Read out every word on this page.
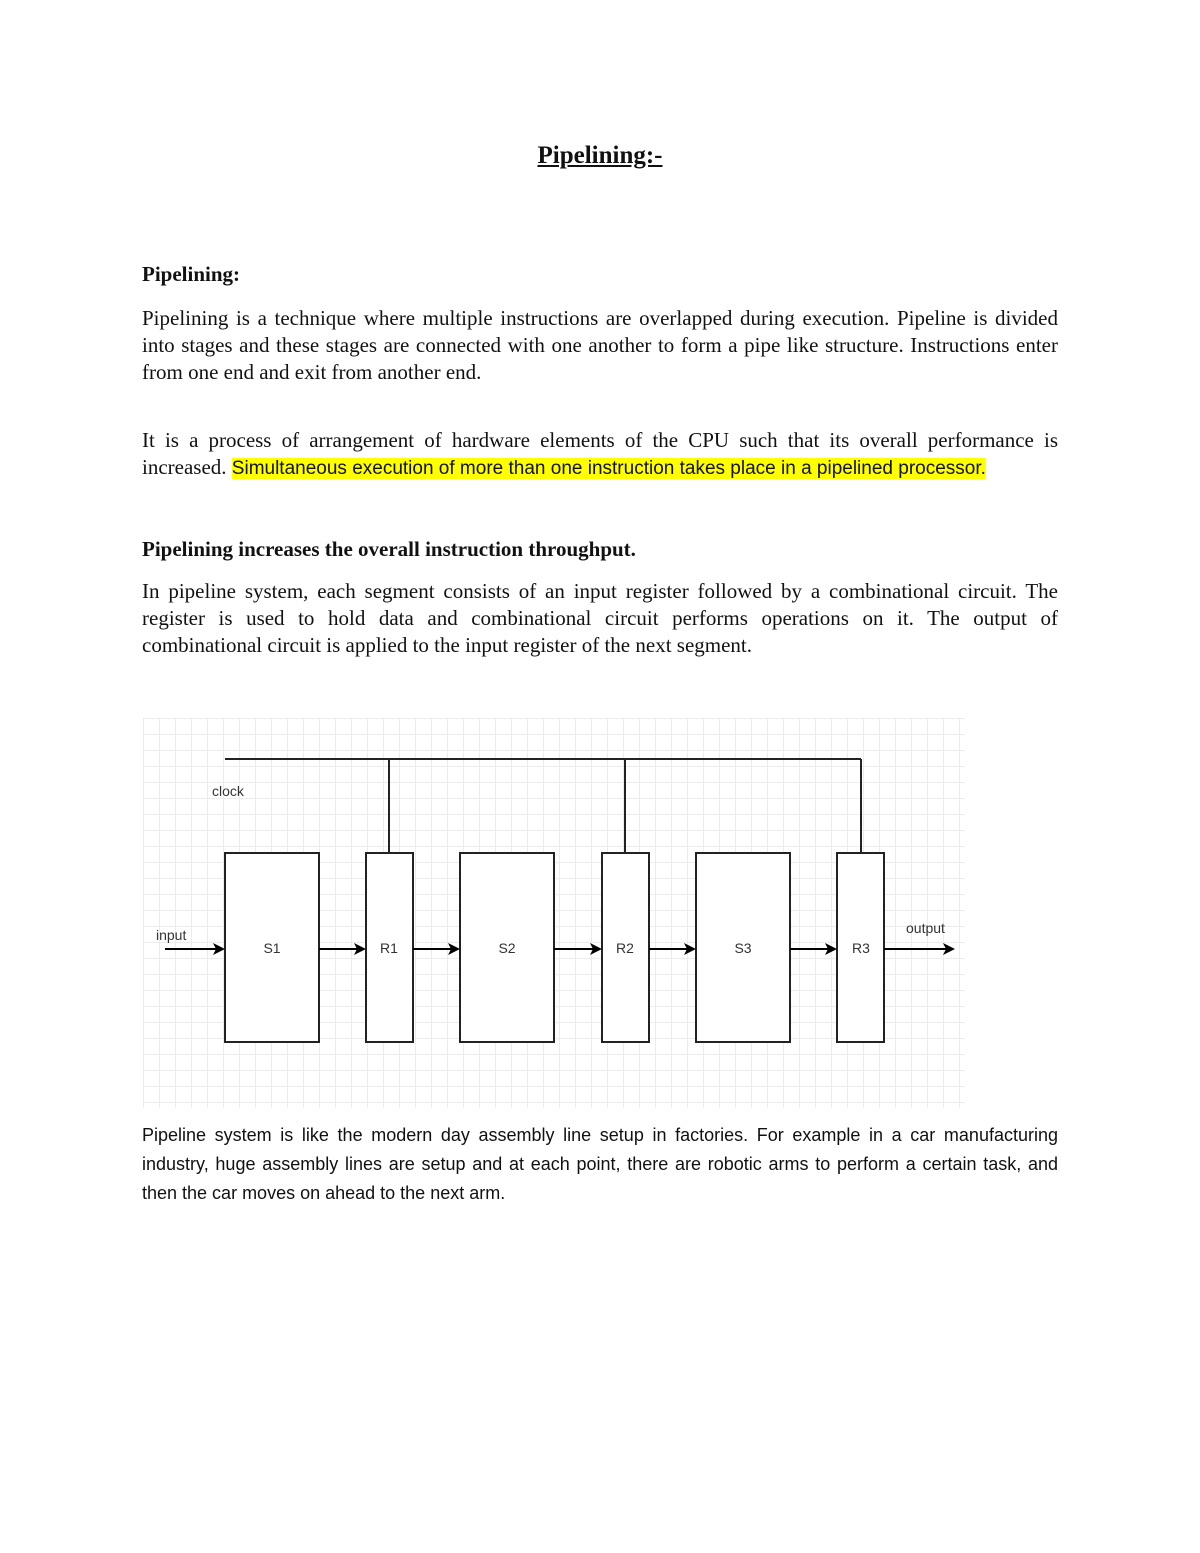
Pipelining:-
Pipelining:
Pipelining is a technique where multiple instructions are overlapped during execution. Pipeline is divided into stages and these stages are connected with one another to form a pipe like structure. Instructions enter from one end and exit from another end.
It is a process of arrangement of hardware elements of the CPU such that its overall performance is increased. Simultaneous execution of more than one instruction takes place in a pipelined processor.
Pipelining increases the overall instruction throughput.
In pipeline system, each segment consists of an input register followed by a combinational circuit. The register is used to hold data and combinational circuit performs operations on it. The output of combinational circuit is applied to the input register of the next segment.
clock
S1	R1	S2	R2	S3	R3
input	output
Pipeline system is like the modern day assembly line setup in factories. For example in a car manufacturing industry, huge assembly lines are setup and at each point, there are robotic arms to perform a certain task, and then the car moves on ahead to the next arm.
